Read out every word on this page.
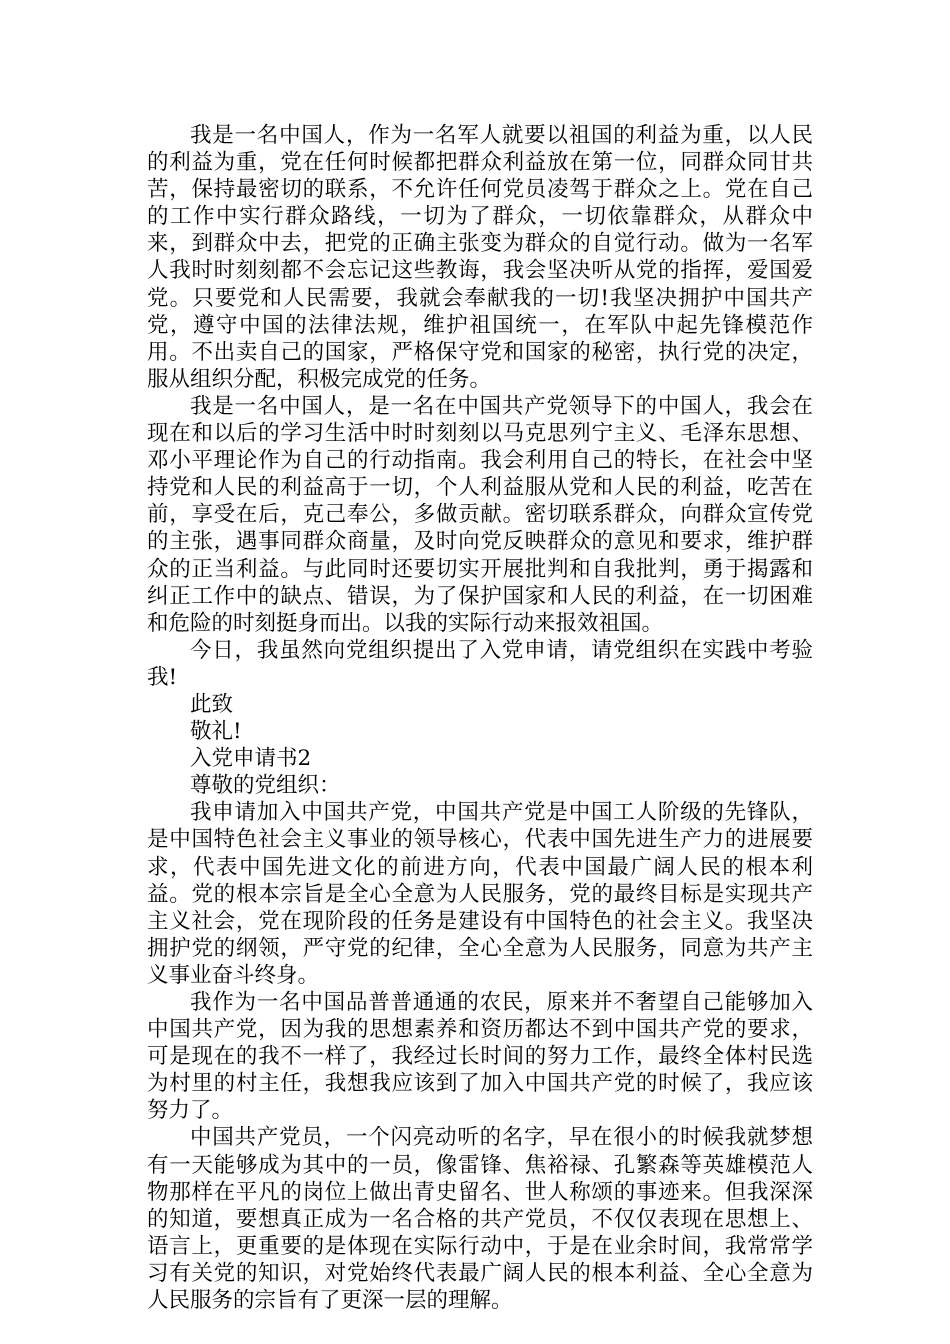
我是一名中国人，作为一名军人就要以祖国的利益为重，以人民的利益为重，党在任何时候都把群众利益放在第一位，同群众同甘共苦，保持最密切的联系，不允许任何党员凌驾于群众之上。党在自己的工作中实行群众路线，一切为了群众，一切依靠群众，从群众中来，到群众中去，把党的正确主张变为群众的自觉行动。做为一名军人我时时刻刻都不会忘记这些教诲，我会坚决听从党的指挥，爱国爱党。只要党和人民需要，我就会奉献我的一切!我坚决拥护中国共产党，遵守中国的法律法规，维护祖国统一，在军队中起先锋模范作用。不出卖自己的国家，严格保守党和国家的秘密，执行党的决定，服从组织分配，积极完成党的任务。

我是一名中国人，是一名在中国共产党领导下的中国人，我会在现在和以后的学习生活中时时刻刻以马克思列宁主义、毛泽东思想、邓小平理论作为自己的行动指南。我会利用自己的特长，在社会中坚持党和人民的利益高于一切，个人利益服从党和人民的利益，吃苦在前，享受在后，克己奉公，多做贡献。密切联系群众，向群众宣传党的主张，遇事同群众商量，及时向党反映群众的意见和要求，维护群众的正当利益。与此同时还要切实开展批判和自我批判，勇于揭露和纠正工作中的缺点、错误，为了保护国家和人民的利益，在一切困难和危险的时刻挺身而出。以我的实际行动来报效祖国。

今日，我虽然向党组织提出了入党申请，请党组织在实践中考验我!

此致

敬礼!

入党申请书2

尊敬的党组织：

我申请加入中国共产党，中国共产党是中国工人阶级的先锋队，是中国特色社会主义事业的领导核心，代表中国先进生产力的进展要求，代表中国先进文化的前进方向，代表中国最广阔人民的根本利益。党的根本宗旨是全心全意为人民服务，党的最终目标是实现共产主义社会，党在现阶段的任务是建设有中国特色的社会主义。我坚决拥护党的纲领，严守党的纪律，全心全意为人民服务，同意为共产主义事业奋斗终身。

我作为一名中国品普普通通的农民，原来并不奢望自己能够加入中国共产党，因为我的思想素养和资历都达不到中国共产党的要求，可是现在的我不一样了，我经过长时间的努力工作，最终全体村民选为村里的村主任，我想我应该到了加入中国共产党的时候了，我应该努力了。

中国共产党员，一个闪亮动听的名字，早在很小的时候我就梦想有一天能够成为其中的一员，像雷锋、焦裕禄、孔繁森等英雄模范人物那样在平凡的岗位上做出青史留名、世人称颂的事迹来。但我深深的知道，要想真正成为一名合格的共产党员，不仅仅表现在思想上、语言上，更重要的是体现在实际行动中，于是在业余时间，我常常学习有关党的知识，对党始终代表最广阔人民的根本利益、全心全意为人民服务的宗旨有了更深一层的理解。
